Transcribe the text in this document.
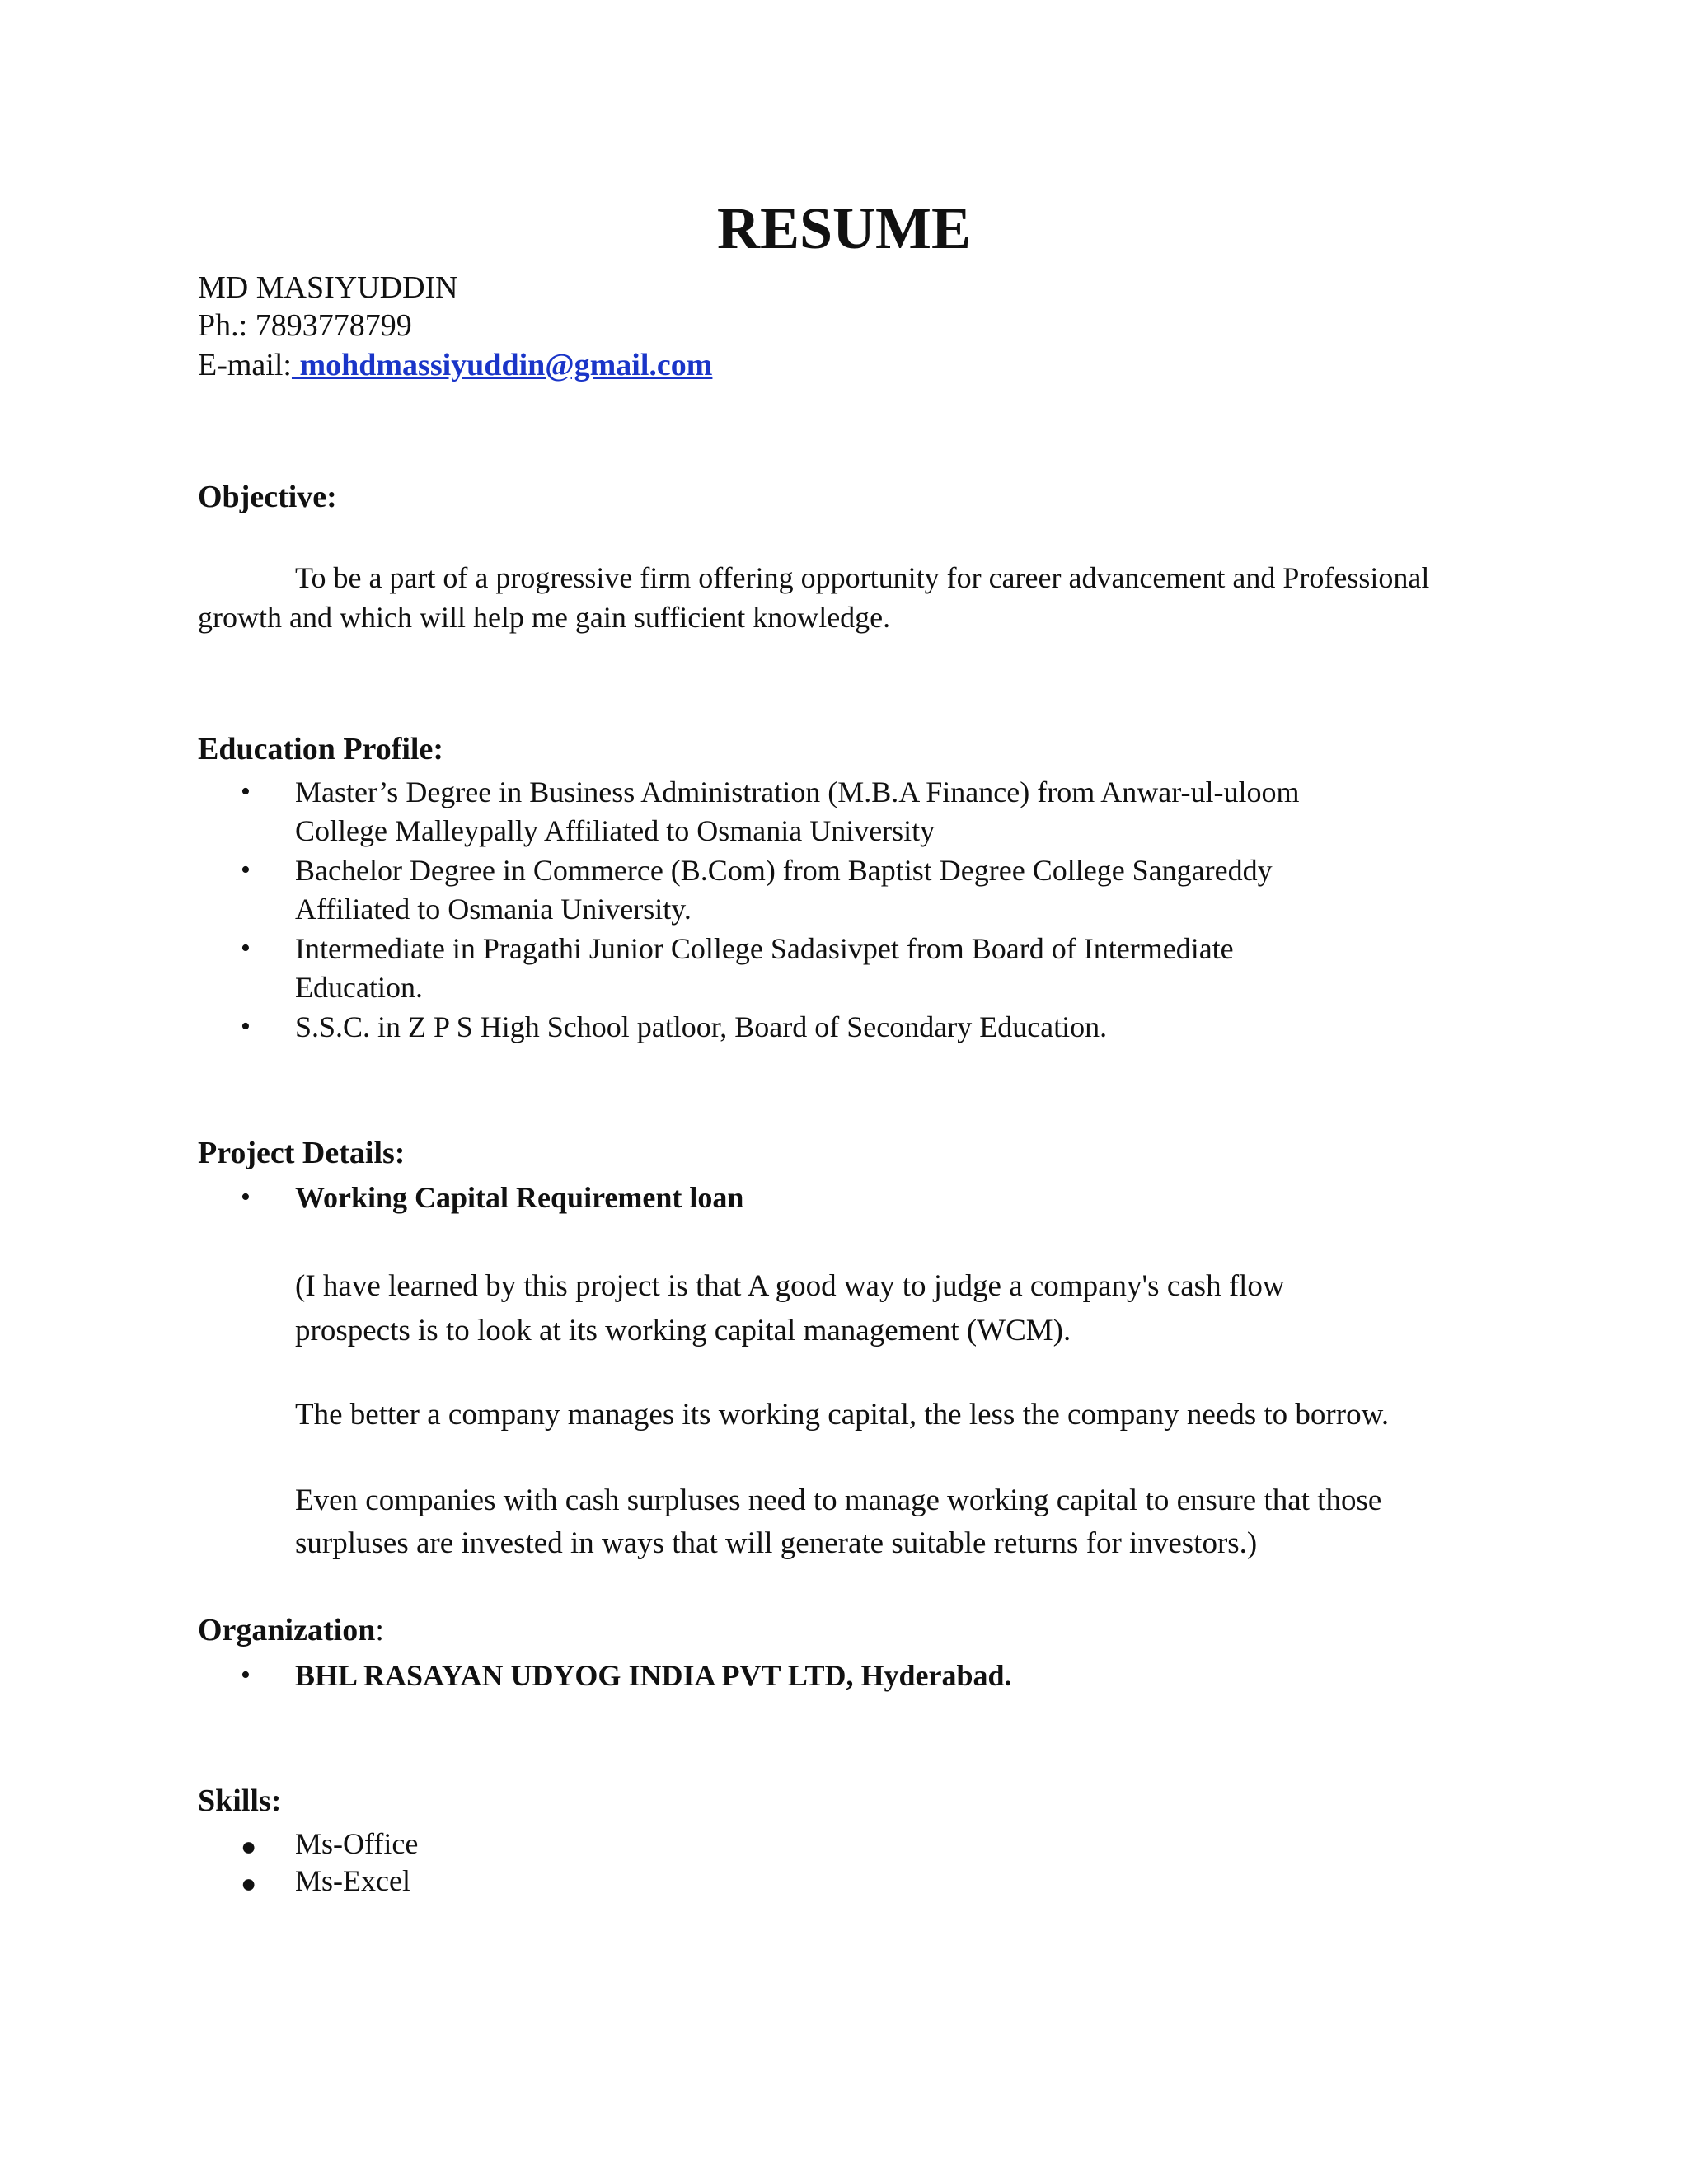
RESUME
MD MASIYUDDIN
Ph.: 7893778799
E-mail: mohdmassiyuddin@gmail.com
Objective:
To be a part of a progressive firm offering opportunity for career advancement and Professional
growth and which will help me gain sufficient knowledge.
Education Profile:
• Master’s Degree in Business Administration (M.B.A Finance) from Anwar-ul-uloom
College Malleypally Affiliated to Osmania University
• Bachelor Degree in Commerce (B.Com) from Baptist Degree College Sangareddy
Affiliated to Osmania University.
• Intermediate in Pragathi Junior College Sadasivpet from Board of Intermediate
Education.
• S.S.C. in Z P S High School patloor, Board of Secondary Education.
Project Details:
• Working Capital Requirement loan
(I have learned by this project is that A good way to judge a company's cash flow
prospects is to look at its working capital management (WCM).
The better a company manages its working capital, the less the company needs to borrow.
Even companies with cash surpluses need to manage working capital to ensure that those
surpluses are invested in ways that will generate suitable returns for investors.)
Organization:
• BHL RASAYAN UDYOG INDIA PVT LTD, Hyderabad.
Skills:
● Ms-Office
● Ms-Excel
